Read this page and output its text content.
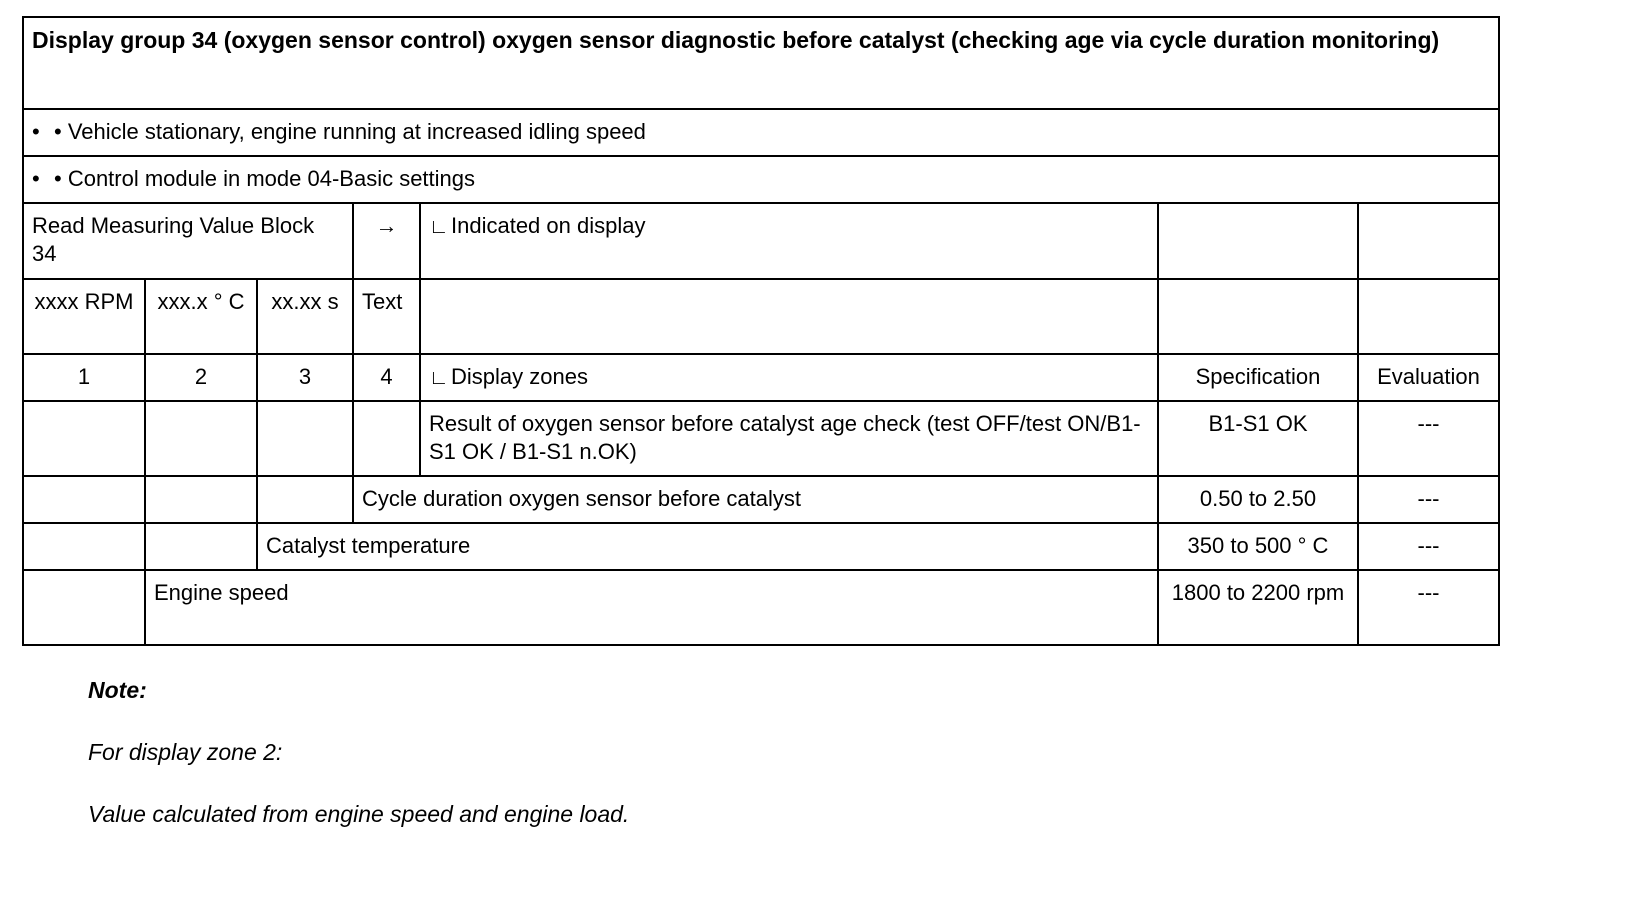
Display group 34 (oxygen sensor control) oxygen sensor diagnostic before catalyst (checking age via cycle duration monitoring)						
• • Vehicle stationary, engine running at increased idling speed						
• • Control module in mode 04-Basic settings						
Read Measuring Value Block 34			→	∟ Indicated on display		
xxxx RPM	xxx.x ° C	xx.xx s	Text			
1	2	3	4	∟ Display zones	Specification	Evaluation
				Result of oxygen sensor before catalyst age check (test OFF/test ON/B1-S1 OK / B1-S1 n.OK)	B1-S1 OK	---
			Cycle duration oxygen sensor before catalyst		0.50 to 2.50	---
		Catalyst temperature			350 to 500 ° C	---
	Engine speed				1800 to 2200 rpm	---

Note:

For display zone 2:

Value calculated from engine speed and engine load.
